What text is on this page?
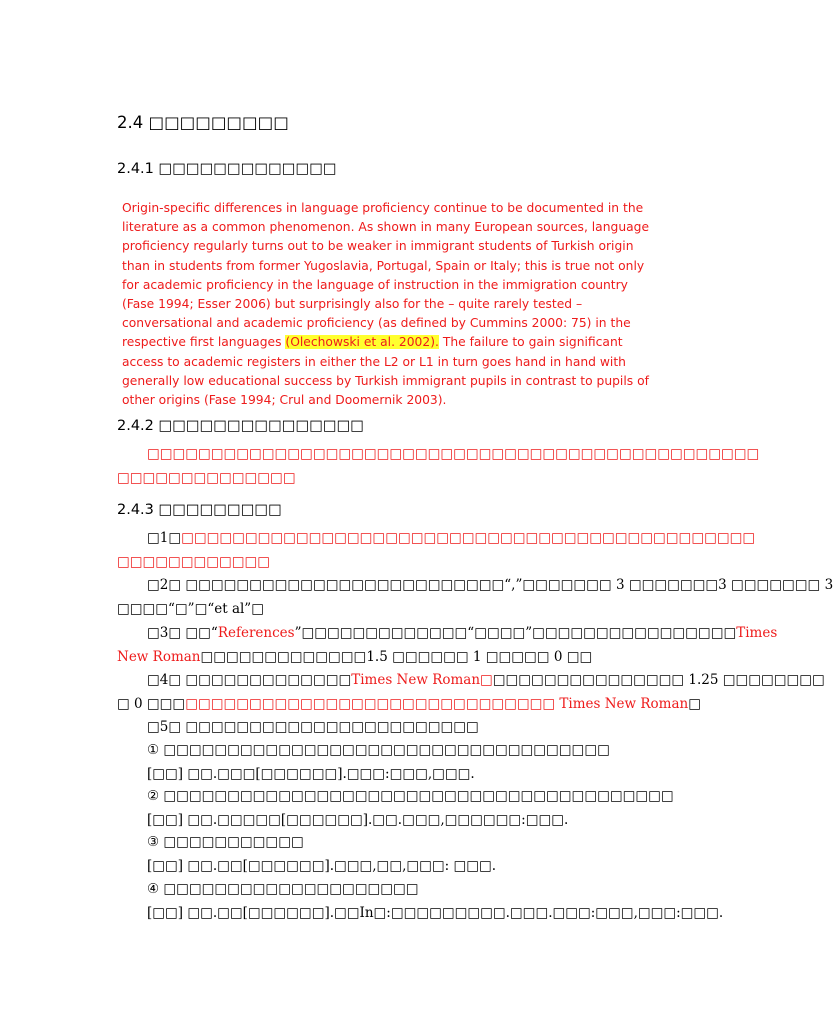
2.4 □□□□□□□□□
2.4.1 □□□□□□□□□□□□□

Origin-specific differences in language proficiency continue to be documented in the literature as a common phenomenon. As shown in many European sources, language proficiency regularly turns out to be weaker in immigrant students of Turkish origin than in students from former Yugoslavia, Portugal, Spain or Italy; this is true not only for academic proficiency in the language of instruction in the immigration country (Fase 1994; Esser 2006) but surprisingly also for the – quite rarely tested – conversational and academic proficiency (as defined by Cummins 2000: 75) in the respective first languages (Olechowski et al. 2002). The failure to gain significant access to academic registers in either the L2 or L1 in turn goes hand in hand with generally low educational success by Turkish immigrant pupils in contrast to pupils of other origins (Fase 1994; Crul and Doomernik 2003).

2.4.2 □□□□□□□□□□□□□□□
□□□□□□□□□□□□□□□□□□□□□□□□□□□□□□□□□□□□□□□□□□□□□□□□
□□□□□□□□□□□□□□
2.4.3 □□□□□□□□□
□1□□□□□□□□□□□□□□□□□□□□□□□□□□□□□□□□□□□□□□□□□□□□□□
□□□□□□□□□□□□
□2□ □□□□□□□□□□□□□□□□□□□□□□□□□“,”□□□□□□□ 3 □□□□□□□3 □□□□□□□ 3
□□□□“□”□“et al”□
□3□ □□“References”□□□□□□□□□□□□□“□□□□”□□□□□□□□□□□□□□□□Times
New Roman□□□□□□□□□□□□□1.5 □□□□□□ 1 □□□□□ 0 □□
□4□ □□□□□□□□□□□□□Times New Roman□□□□□□□□□□□□□□□□ 1.25 □□□□□□□□
□ 0 □□□□□□□□□□□□□□□□□□□□□□□□□□□□□□□□ Times New Roman□
□5□ □□□□□□□□□□□□□□□□□□□□□□□
① □□□□□□□□□□□□□□□□□□□□□□□□□□□□□□□□□□□
[□□] □□.□□□[□□□□□□].□□□:□□□,□□□.
② □□□□□□□□□□□□□□□□□□□□□□□□□□□□□□□□□□□□□□□□
[□□] □□.□□□□□[□□□□□□].□□.□□□,□□□□□□:□□□.
③ □□□□□□□□□□□
[□□] □□.□□[□□□□□□].□□□,□□,□□□: □□□.
④ □□□□□□□□□□□□□□□□□□□□
[□□] □□.□□[□□□□□□].□□In□:□□□□□□□□□.□□□.□□□:□□□,□□□:□□□.
